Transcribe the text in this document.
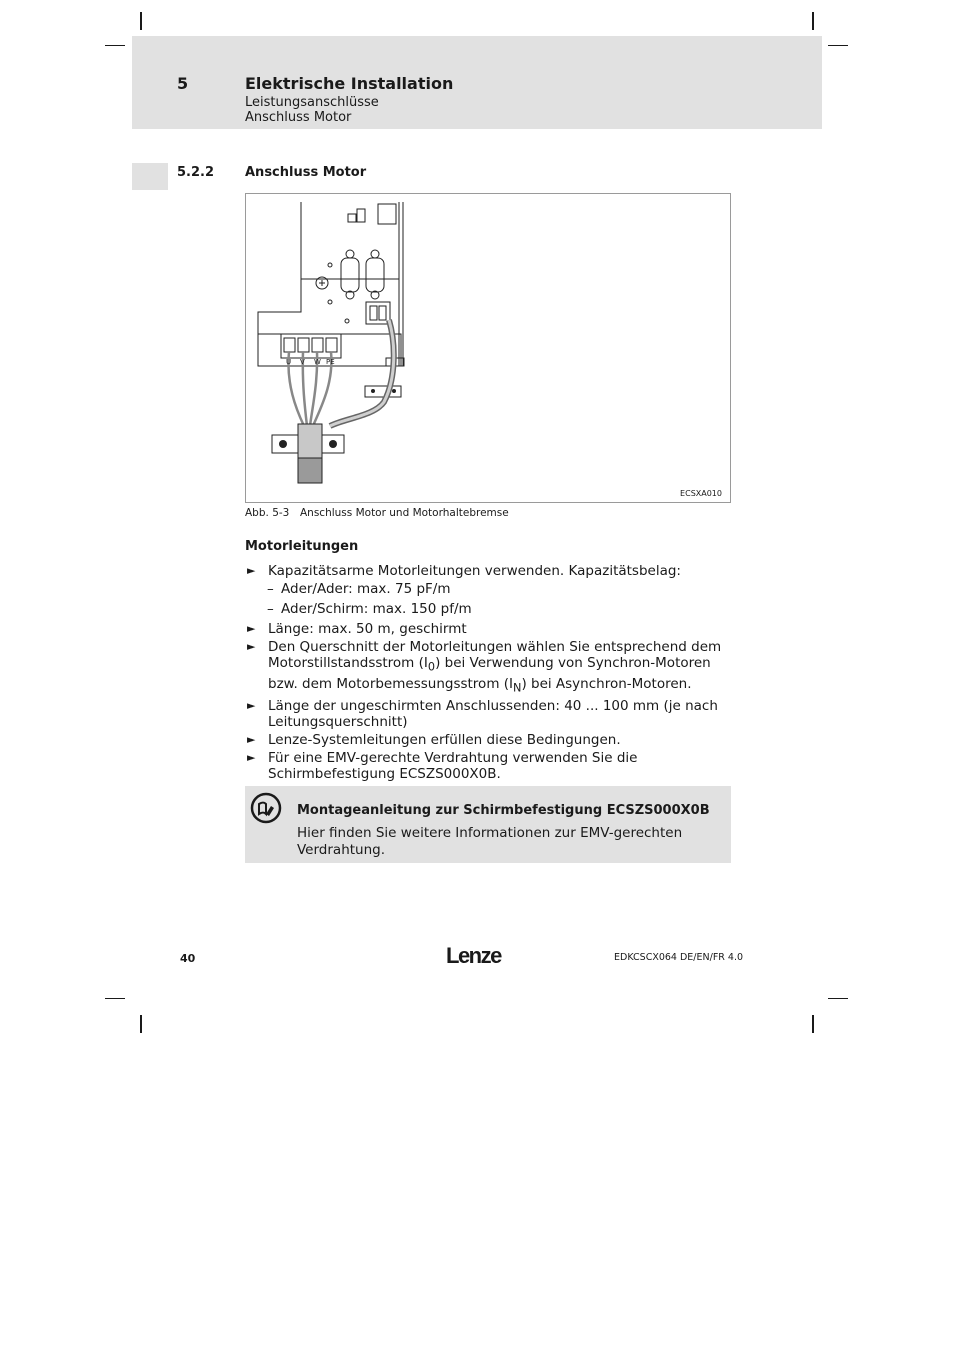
5	Elektrische Installation
Leistungsanschlüsse
Anschluss Motor
5.2.2 Anschluss Motor
U V W PE
ECSXA010
Abb. 5-3 Anschluss Motor und Motorhaltebremse
Motorleitungen
► Kapazitätsarme Motorleitungen verwenden. Kapazitätsbelag:
– Ader/Ader: max. 75 pF/m
– Ader/Schirm: max. 150 pf/m
► Länge: max. 50 m, geschirmt
► Den Querschnitt der Motorleitungen wählen Sie entsprechend dem Motorstillstandsstrom $(I_0)$ bei Verwendung von Synchron-Motoren bzw. dem Motorbemessungsstrom $(I_N)$ bei Asynchron-Motoren.
► Länge der ungeschirmten Anschlussenden: 40 ... 100 mm (je nach Leitungsquerschnitt)
► Lenze-Systemleitungen erfüllen diese Bedingungen.
► Für eine EMV-gerechte Verdrahtung verwenden Sie die Schirmbefestigung ECSZS000X0B.
Montageanleitung zur Schirmbefestigung ECSZS000X0B
Hier finden Sie weitere Informationen zur EMV-gerechten Verdrahtung.
40	Lenze	EDKCSCX064 DE/EN/FR 4.0
